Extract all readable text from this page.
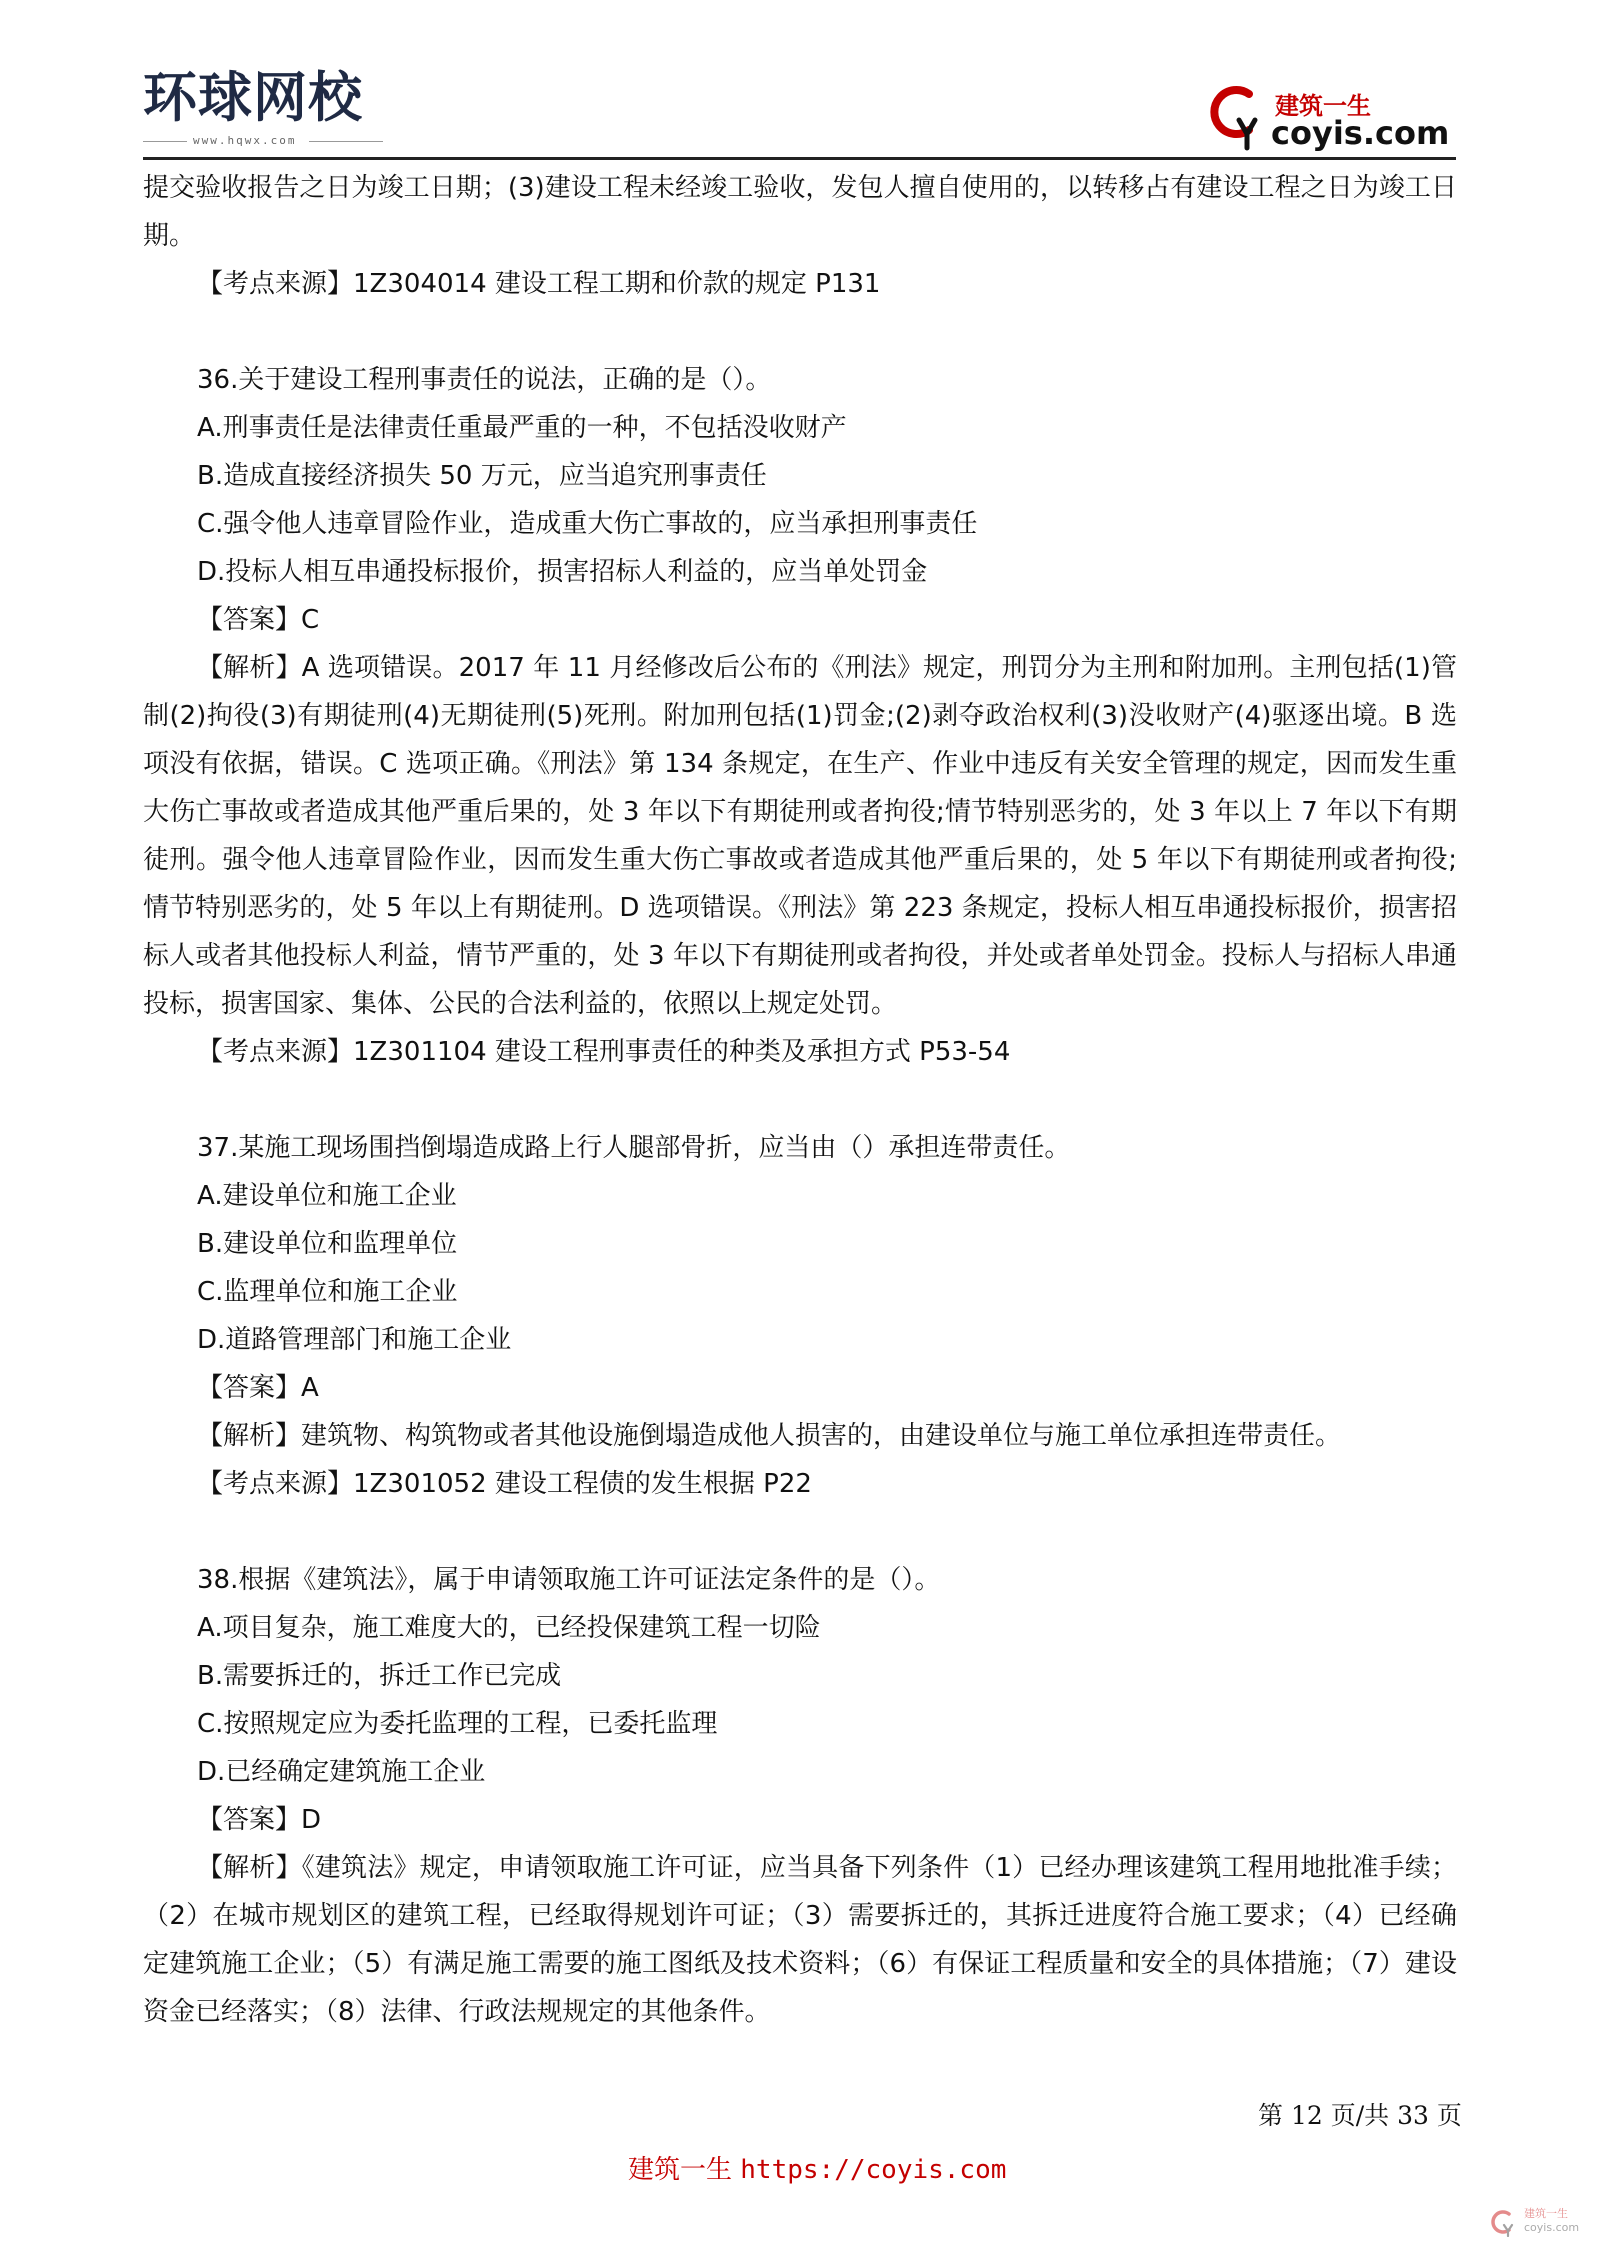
环球网校
www.hqwx.com
建筑一生
coyis.com

提交验收报告之日为竣工日期；(3)建设工程未经竣工验收，发包人擅自使用的，以转移占有建设工程之日为竣工日期。

【考点来源】1Z304014 建设工程工期和价款的规定 P131

36.关于建设工程刑事责任的说法，正确的是（）。

A.刑事责任是法律责任重最严重的一种，不包括没收财产

B.造成直接经济损失 50 万元，应当追究刑事责任

C.强令他人违章冒险作业，造成重大伤亡事故的，应当承担刑事责任

D.投标人相互串通投标报价，损害招标人利益的，应当单处罚金

【答案】C

【解析】A 选项错误。2017 年 11 月经修改后公布的《刑法》规定，刑罚分为主刑和附加刑。主刑包括(1)管制(2)拘役(3)有期徒刑(4)无期徒刑(5)死刑。附加刑包括(1)罚金;(2)剥夺政治权利(3)没收财产(4)驱逐出境。B 选项没有依据，错误。C 选项正确。《刑法》第 134 条规定，在生产、作业中违反有关安全管理的规定，因而发生重大伤亡事故或者造成其他严重后果的，处 3 年以下有期徒刑或者拘役;情节特别恶劣的，处 3 年以上 7 年以下有期徒刑。强令他人违章冒险作业，因而发生重大伤亡事故或者造成其他严重后果的，处 5 年以下有期徒刑或者拘役;情节特别恶劣的，处 5 年以上有期徒刑。D 选项错误。《刑法》第 223 条规定，投标人相互串通投标报价，损害招标人或者其他投标人利益，情节严重的，处 3 年以下有期徒刑或者拘役，并处或者单处罚金。投标人与招标人串通投标，损害国家、集体、公民的合法利益的，依照以上规定处罚。

【考点来源】1Z301104 建设工程刑事责任的种类及承担方式 P53-54

37.某施工现场围挡倒塌造成路上行人腿部骨折，应当由（）承担连带责任。

A.建设单位和施工企业

B.建设单位和监理单位

C.监理单位和施工企业

D.道路管理部门和施工企业

【答案】A

【解析】建筑物、构筑物或者其他设施倒塌造成他人损害的，由建设单位与施工单位承担连带责任。

【考点来源】1Z301052 建设工程债的发生根据 P22

38.根据《建筑法》，属于申请领取施工许可证法定条件的是（）。

A.项目复杂，施工难度大的，已经投保建筑工程一切险

B.需要拆迁的，拆迁工作已完成

C.按照规定应为委托监理的工程，已委托监理

D.已经确定建筑施工企业

【答案】D

【解析】《建筑法》规定，申请领取施工许可证，应当具备下列条件（1）已经办理该建筑工程用地批准手续；（2）在城市规划区的建筑工程，已经取得规划许可证；（3）需要拆迁的，其拆迁进度符合施工要求；（4）已经确定建筑施工企业；（5）有满足施工需要的施工图纸及技术资料；（6）有保证工程质量和安全的具体措施；（7）建设资金已经落实；（8）法律、行政法规规定的其他条件。

第 12 页/共 33 页
建筑一生 https://coyis.com
建筑一生
coyis.com
